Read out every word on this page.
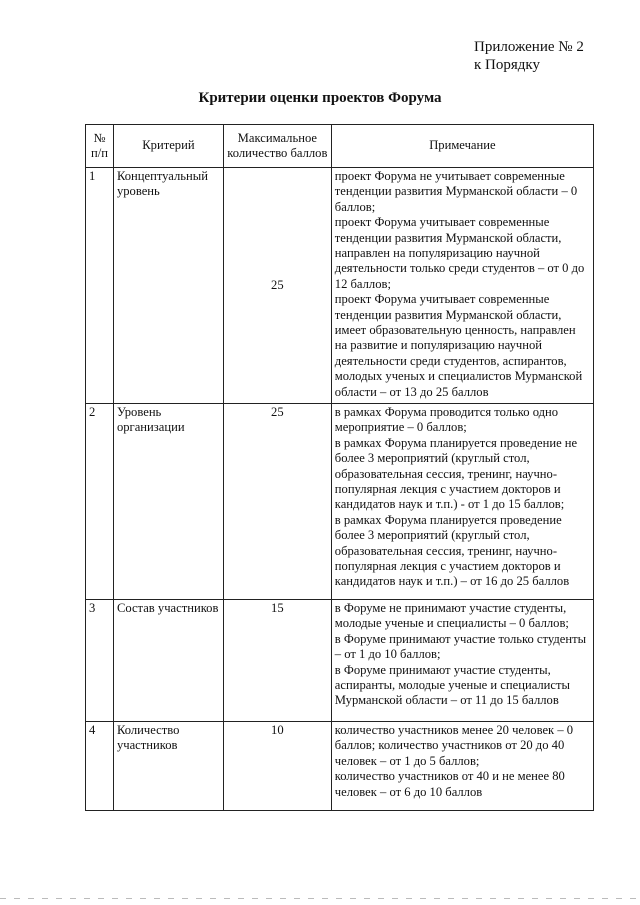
Приложение № 2
к Порядку
Критерии оценки проектов Форума
№ п/п	Критерий	Максимальное количество баллов	Примечание
1	Концептуальный уровень	25	проект Форума не учитывает современные тенденции развития Мурманской области – 0 баллов;
проект Форума учитывает современные тенденции развития Мурманской области, направлен на популяризацию научной деятельности только среди студентов – от 0 до 12 баллов;
проект Форума учитывает современные тенденции развития Мурманской области, имеет образовательную ценность, направлен на развитие и популяризацию научной деятельности среди студентов, аспирантов, молодых ученых и специалистов Мурманской области – от 13 до 25 баллов

2	Уровень организации	25	в рамках Форума проводится только одно мероприятие – 0 баллов;
в рамках Форума планируется проведение не более 3 мероприятий (круглый стол, образовательная сессия, тренинг, научно-популярная лекция с участием докторов и кандидатов наук и т.п.) - от 1 до 15 баллов;
в рамках Форума планируется проведение более 3 мероприятий (круглый стол, образовательная сессия, тренинг, научно-популярная лекция с участием докторов и кандидатов наук и т.п.) – от 16 до 25 баллов

3	Состав участников	15	в Форуме не принимают участие студенты, молодые ученые и специалисты – 0 баллов;
в Форуме принимают участие только студенты – от 1 до 10 баллов;
в Форуме принимают участие студенты, аспиранты, молодые ученые и специалисты Мурманской области – от 11 до 15 баллов

4	Количество участников	10	количество участников менее 20 человек – 0 баллов; количество участников от 20 до 40 человек – от 1 до 5 баллов;
количество участников от 40 и не менее 80 человек – от 6 до 10 баллов
